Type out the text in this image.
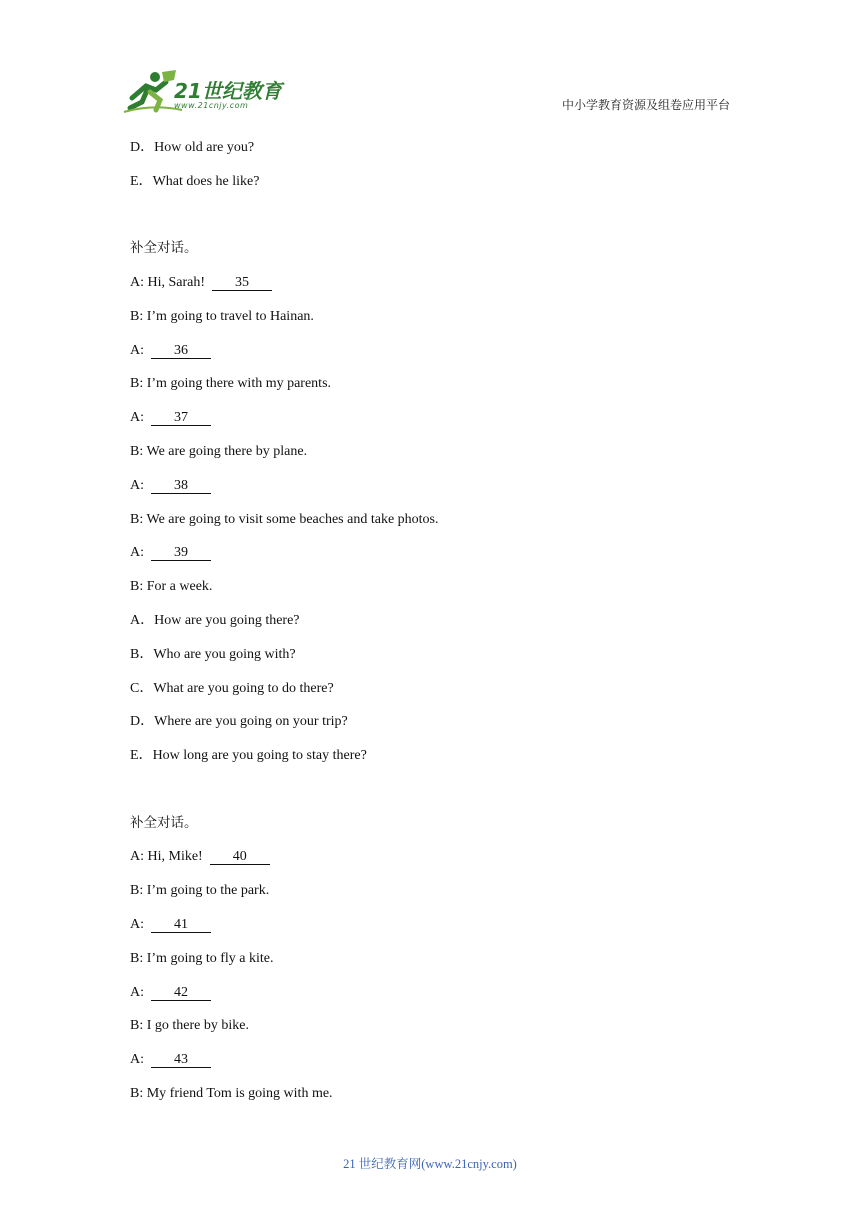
21世纪教育
www.21cnjy.com	中小学教育资源及组卷应用平台
D．How old are you?
E．What does he like?
补全对话。
A: Hi, Sarah!  35
B: I’m going to travel to Hainan.
A:  36
B: I’m going there with my parents.
A:  37
B: We are going there by plane.
A:  38
B: We are going to visit some beaches and take photos.
A:  39
B: For a week.
A．How are you going there?
B．Who are you going with?
C．What are you going to do there?
D．Where are you going on your trip?
E．How long are you going to stay there?
补全对话。
A: Hi, Mike!  40
B: I’m going to the park.
A:  41
B: I’m going to fly a kite.
A:  42
B: I go there by bike.
A:  43
B: My friend Tom is going with me.
21 世纪教育网(www.21cnjy.com)
